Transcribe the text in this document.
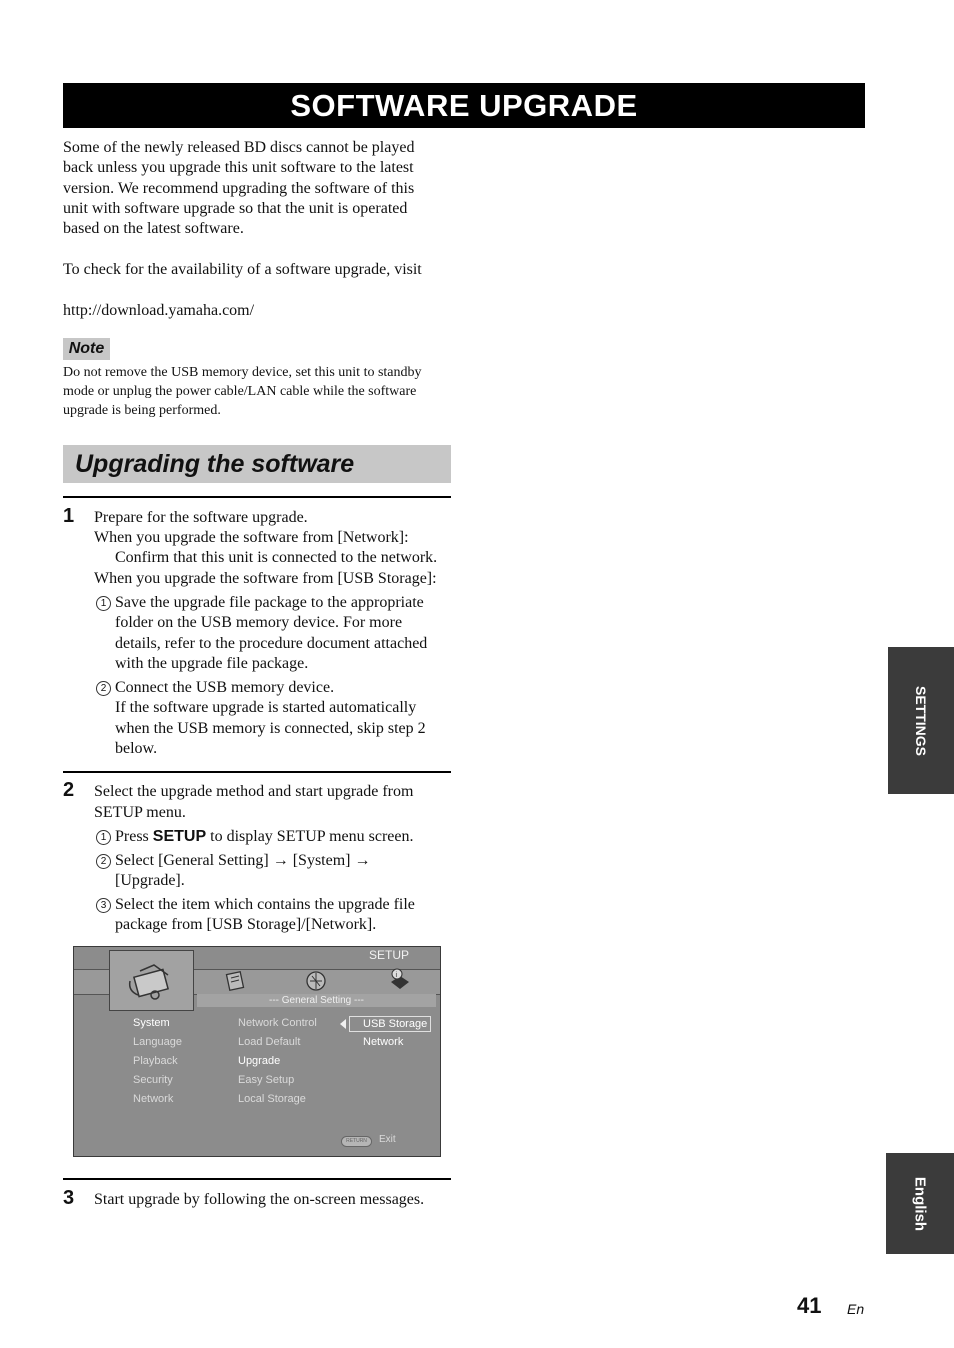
SOFTWARE UPGRADE
Some of the newly released BD discs cannot be played
back unless you upgrade this unit software to the latest
version. We recommend upgrading the software of this
unit with software upgrade so that the unit is operated
based on the latest software.
To check for the availability of a software upgrade, visit
http://download.yamaha.com/
Note
Do not remove the USB memory device, set this unit to standby
mode or unplug the power cable/LAN cable while the software
upgrade is being performed.
Upgrading the software
1 Prepare for the software upgrade.
When you upgrade the software from [Network]:
Confirm that this unit is connected to the network.
When you upgrade the software from [USB Storage]:
1 Save the upgrade file package to the appropriate
folder on the USB memory device. For more
details, refer to the procedure document attached
with the upgrade file package.
2 Connect the USB memory device.
If the software upgrade is started automatically
when the USB memory is connected, skip step 2
below.
2 Select the upgrade method and start upgrade from
SETUP menu.
1 Press SETUP to display SETUP menu screen.
2 Select [General Setting] → [System] →
[Upgrade].
3 Select the item which contains the upgrade file
package from [USB Storage]/[Network].
SETUP
i
--- General Setting ---
System
Language
Playback
Security
Network
Network Control
Load Default
Upgrade
Easy Setup
Local Storage
USB Storage
Network
RETURN	Exit
3 Start upgrade by following the on-screen messages.
SETTINGS
English
41 En
